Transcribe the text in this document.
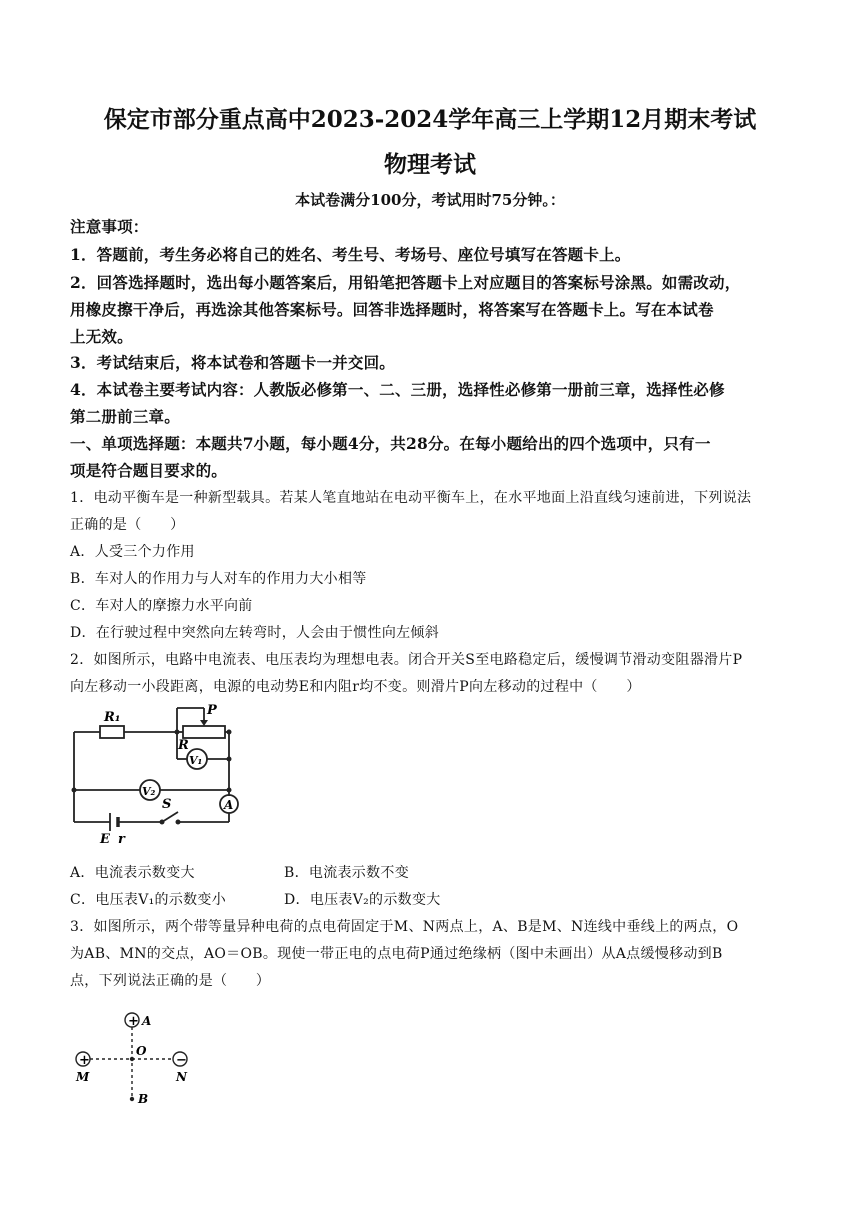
保定市部分重点高中2023-2024学年高三上学期12月期末考试
物理考试
本试卷满分100分，考试用时75分钟。：
注意事项：
1．答题前，考生务必将自己的姓名、考生号、考场号、座位号填写在答题卡上。
2．回答选择题时，选出每小题答案后，用铅笔把答题卡上对应题目的答案标号涂黑。如需改动，
用橡皮擦干净后，再选涂其他答案标号。回答非选择题时，将答案写在答题卡上。写在本试卷
上无效。
3．考试结束后，将本试卷和答题卡一并交回。
4．本试卷主要考试内容：人教版必修第一、二、三册，选择性必修第一册前三章，选择性必修
第二册前三章。
一、单项选择题：本题共7小题，每小题4分，共28分。在每小题给出的四个选项中，只有一
项是符合题目要求的。
1．电动平衡车是一种新型载具。若某人笔直地站在电动平衡车上，在水平地面上沿直线匀速前进，下列说法
正确的是（　　）
A．人受三个力作用
B．车对人的作用力与人对车的作用力大小相等
C．车对人的摩擦力水平向前
D．在行驶过程中突然向左转弯时，人会由于惯性向左倾斜
2．如图所示，电路中电流表、电压表均为理想电表。闭合开关S至电路稳定后，缓慢调节滑动变阻器滑片P
向左移动一小段距离，电源的电动势E和内阻r均不变。则滑片P向左移动的过程中（　　）
R₁	P
R
V₁
V₂
S	A
E r
A．电流表示数变大	B．电流表示数不变
C．电压表V₁的示数变小	D．电压表V₂的示数变大
3．如图所示，两个带等量异种电荷的点电荷固定于M、N两点上，A、B是M、N连线中垂线上的两点，O
为AB、MN的交点，AO＝OB。现使一带正电的点电荷P通过绝缘柄（图中未画出）从A点缓慢移动到B
点，下列说法正确的是（　　）
+
+	−
A
O
M	N
B
